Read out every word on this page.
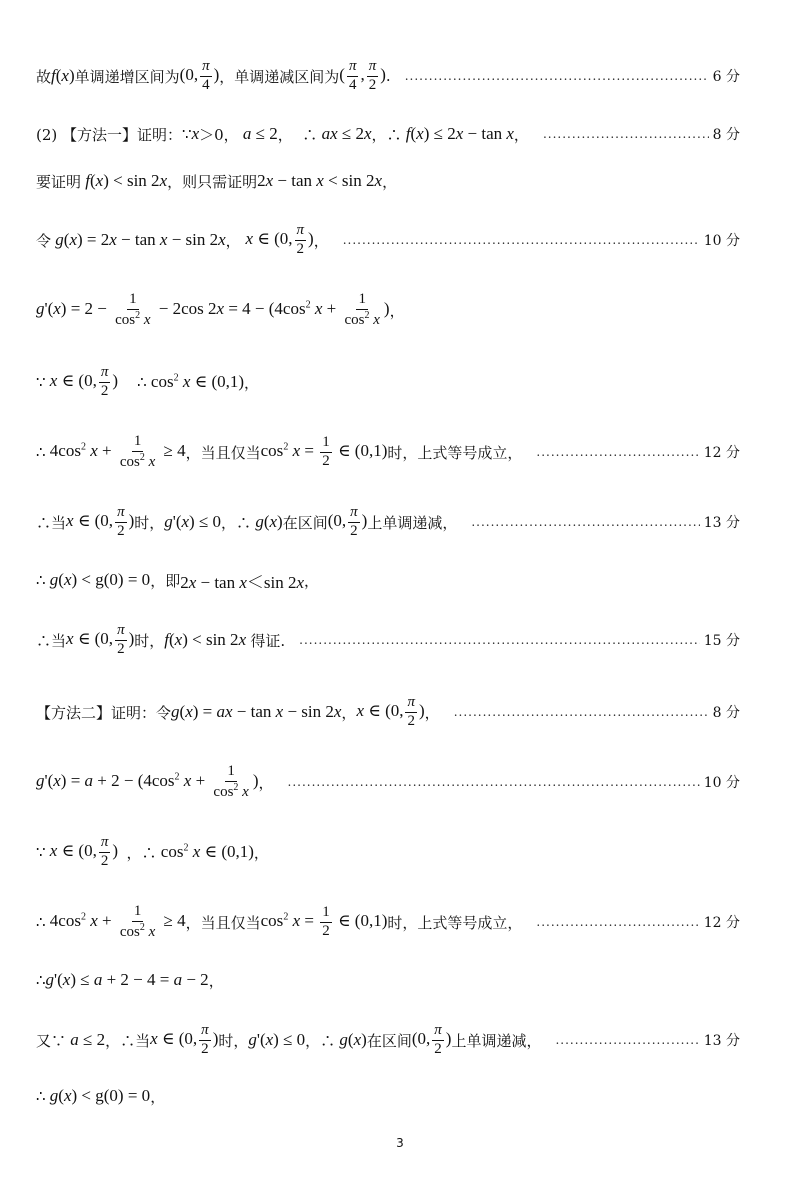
故 f(x) 单调递增区间为 (0, $\frac{\pi}{4}$ ) ，单调递减区间为 ( $\frac{\pi}{4}$ , $\frac{\pi}{2}$ ) . .....	6 分
(2) 【方法一】证明： ∵ x ＞0， a ≤ 2 ，  ∴ ax ≤ 2x ，∴ f(x) ≤ 2x − tan x ， .....	8 分
要证明 f(x) < sin 2x ，则只需证明 2x − tan x < sin 2x ，
令 g(x) = 2x − tan x − sin 2x ， x ∈ (0, $\frac{\pi}{2}$ ) ， .....	10 分
$g'(x) = 2 - \frac{1}{\cos^2 x} - 2\cos$ $2x = 4 - (4\cos^2$ $x + \frac{1}{\cos^2 x}$ ) ，
∵ x ∈ (0, $\frac{\pi}{2}$ )
∴ $\cos^2 x$ ∈ (0,1) ，
∴ $4\cos^2$ $x + \frac{1}{\cos^2 x} \ge 4$ ，当且仅当 $\cos^2 x = \frac{1}{2}$ ∈ (0,1) 时，上式等号成立， .....	12 分
∴当 x ∈ (0, $\frac{\pi}{2}$ ) 时， g'(x) ≤ 0 ，∴ g(x) 在区间 (0, $\frac{\pi}{2}$ ) 上单调递减， .....	13 分
∴ g(x) < g(0) = 0 ，即 2x − tan x＜sin 2x ，
∴当 x ∈ (0, $\frac{\pi}{2}$ ) 时， f(x) < sin 2x 得证. .....	15 分
【方法二】证明：令 g(x) = ax − tan x − sin 2x ， x ∈ (0, $\frac{\pi}{2}$ ) ， .....	8 分
$g'(x) = a + 2 - (4\cos^2$ $x + \frac{1}{\cos^2 x}$ ) ， .....	10 分
∵ x ∈ (0, $\frac{\pi}{2}$ ) ，∴ $\cos^2 x$ ∈ (0,1) ，
∴ $4\cos^2$ $x + \frac{1}{\cos^2 x} \ge 4$ ，当且仅当 $\cos^2 x = \frac{1}{2}$ ∈ (0,1) 时，上式等号成立， .....	12 分
∴ g'(x) ≤ a + 2 − 4 = a − 2 ，
又∵ a ≤ 2 ，∴当 x ∈ (0, $\frac{\pi}{2}$ ) 时， g'(x) ≤ 0 ，∴ g(x) 在区间 (0, $\frac{\pi}{2}$ ) 上单调递减， .....	13 分
∴ g(x) < g(0) = 0 ，
3
